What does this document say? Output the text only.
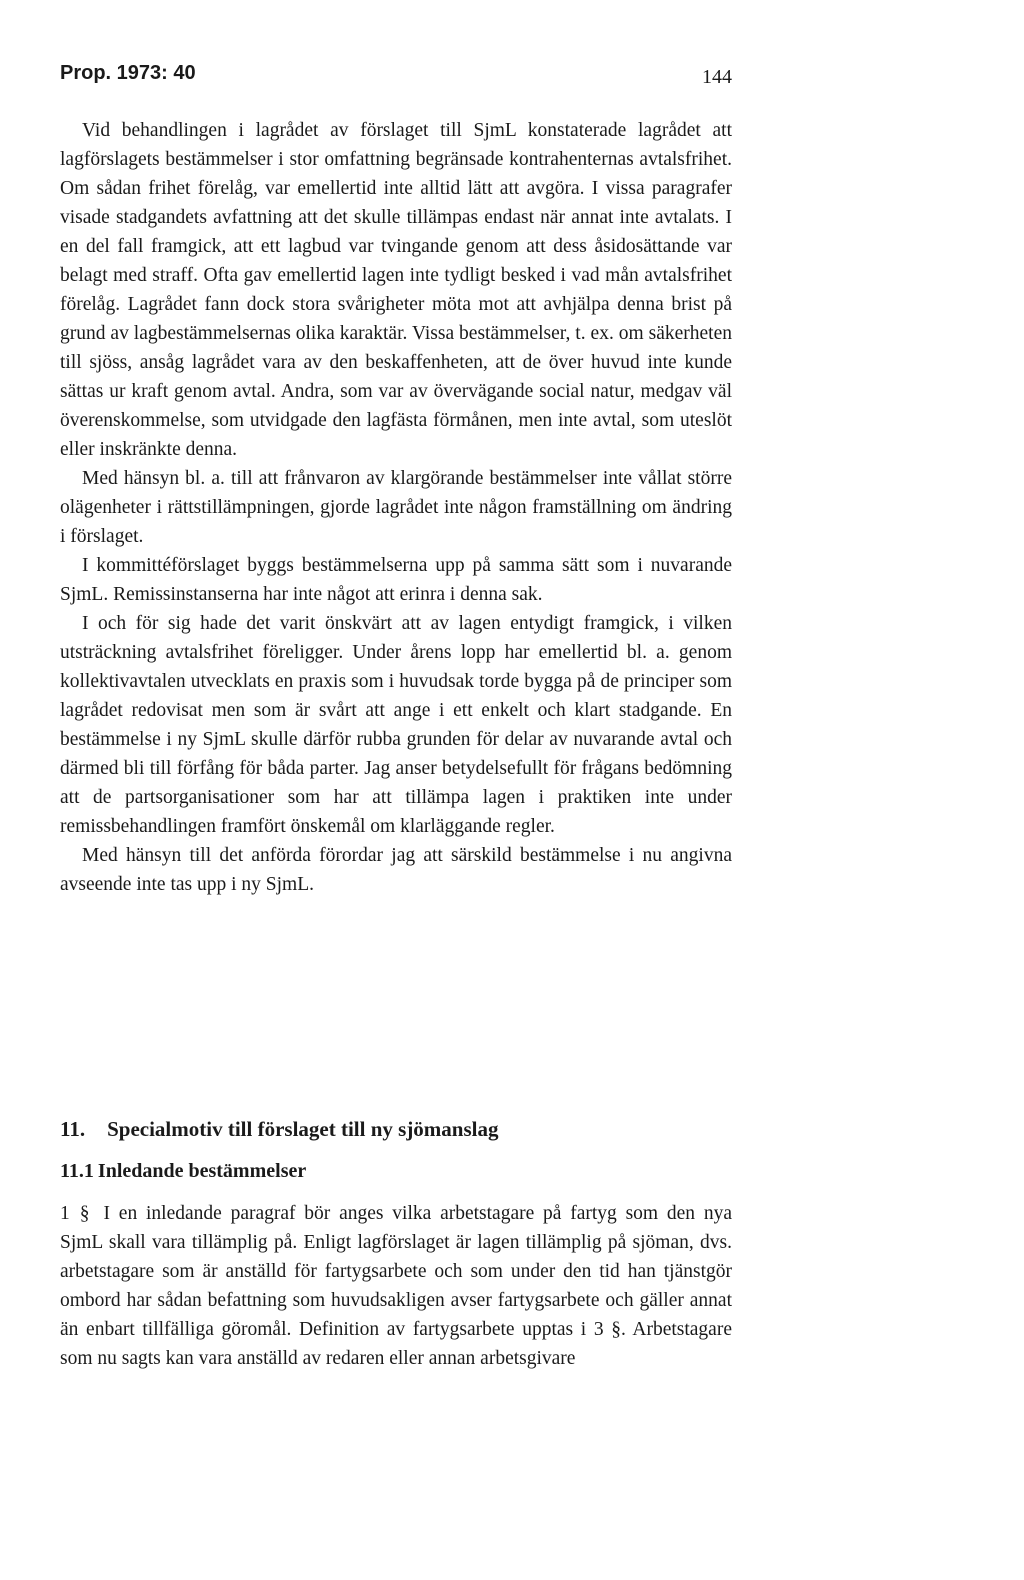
Prop. 1973: 40	144

Vid behandlingen i lagrådet av förslaget till SjmL konstaterade lagrådet att lagförslagets bestämmelser i stor omfattning begränsade kontrahenternas avtalsfrihet. Om sådan frihet förelåg, var emellertid inte alltid lätt att avgöra. I vissa paragrafer visade stadgandets avfattning att det skulle tillämpas endast när annat inte avtalats. I en del fall framgick, att ett lagbud var tvingande genom att dess åsidosättande var belagt med straff. Ofta gav emellertid lagen inte tydligt besked i vad mån avtalsfrihet förelåg. Lagrådet fann dock stora svårigheter möta mot att avhjälpa denna brist på grund av lagbestämmelsernas olika karaktär. Vissa bestämmelser, t. ex. om säkerheten till sjöss, ansåg lagrådet vara av den beskaffenheten, att de över huvud inte kunde sättas ur kraft genom avtal. Andra, som var av övervägande social natur, medgav väl överenskommelse, som utvidgade den lagfästa förmånen, men inte avtal, som uteslöt eller inskränkte denna.

Med hänsyn bl. a. till att frånvaron av klargörande bestämmelser inte vållat större olägenheter i rättstillämpningen, gjorde lagrådet inte någon framställning om ändring i förslaget.

I kommittéförslaget byggs bestämmelserna upp på samma sätt som i nuvarande SjmL. Remissinstanserna har inte något att erinra i denna sak.

I och för sig hade det varit önskvärt att av lagen entydigt framgick, i vilken utsträckning avtalsfrihet föreligger. Under årens lopp har emellertid bl. a. genom kollektivavtalen utvecklats en praxis som i huvudsak torde bygga på de principer som lagrådet redovisat men som är svårt att ange i ett enkelt och klart stadgande. En bestämmelse i ny SjmL skulle därför rubba grunden för delar av nuvarande avtal och därmed bli till förfång för båda parter. Jag anser betydelsefullt för frågans bedömning att de partsorganisationer som har att tillämpa lagen i praktiken inte under remissbehandlingen framfört önskemål om klarläggande regler.

Med hänsyn till det anförda förordar jag att särskild bestämmelse i nu angivna avseende inte tas upp i ny SjmL.

11. Specialmotiv till förslaget till ny sjömanslag
11.1 Inledande bestämmelser

1 § I en inledande paragraf bör anges vilka arbetstagare på fartyg som den nya SjmL skall vara tillämplig på. Enligt lagförslaget är lagen tillämplig på sjöman, dvs. arbetstagare som är anställd för fartygsarbete och som under den tid han tjänstgör ombord har sådan befattning som huvudsakligen avser fartygsarbete och gäller annat än enbart tillfälliga göromål. Definition av fartygsarbete upptas i 3 §. Arbetstagare som nu sagts kan vara anställd av redaren eller annan arbetsgivare
